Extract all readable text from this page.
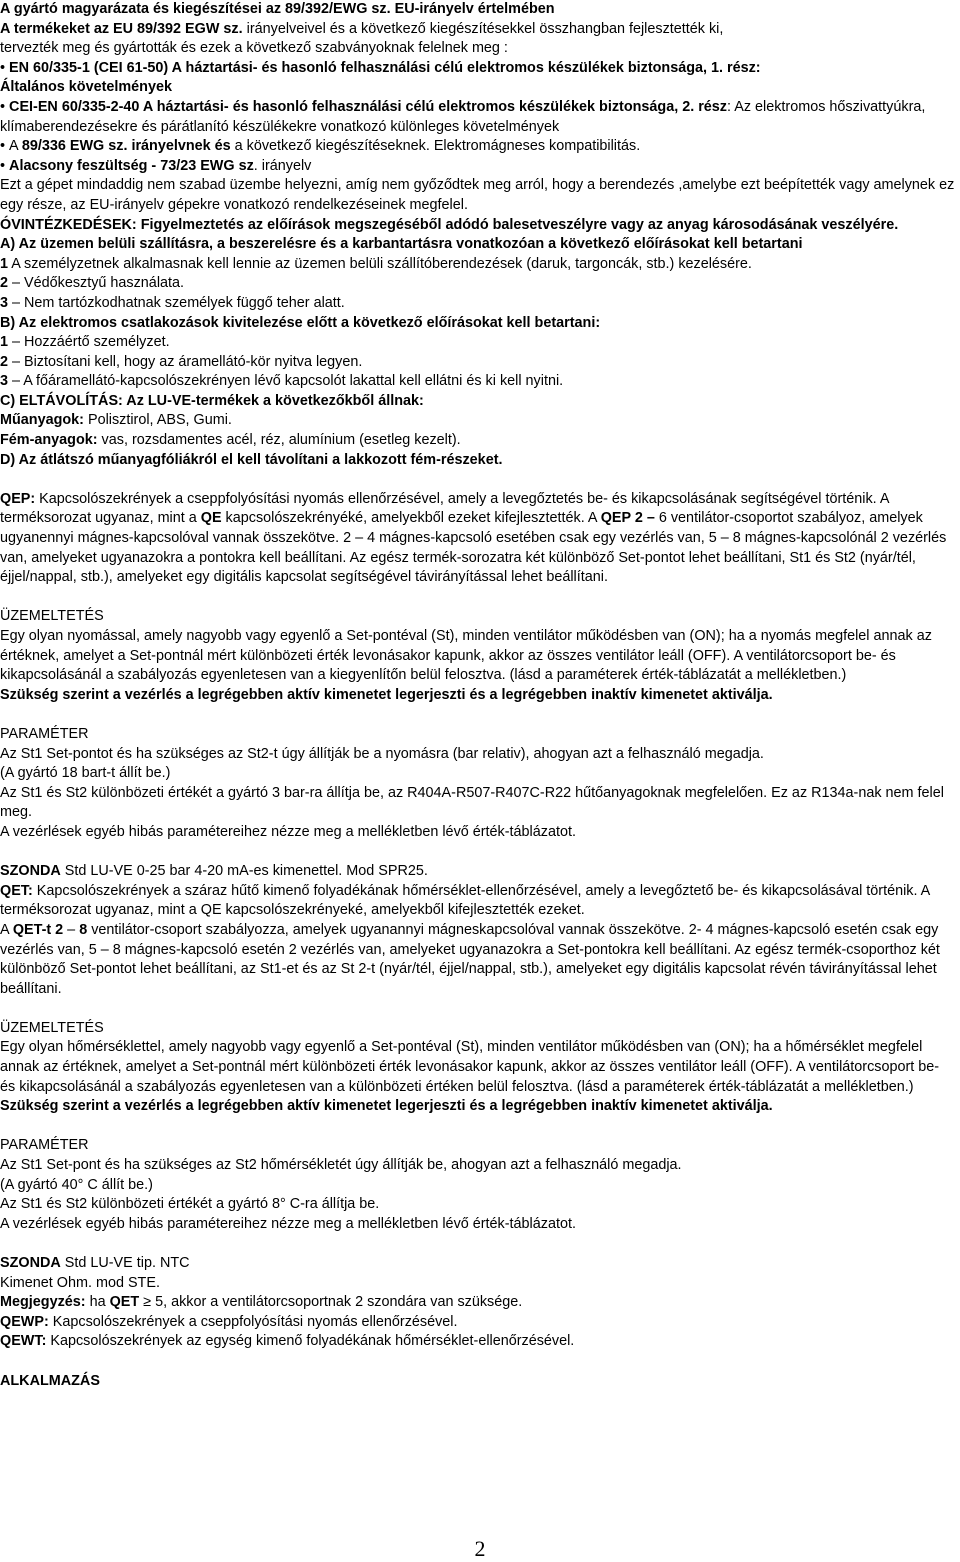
A gyártó magyarázata és kiegészítései az 89/392/EWG sz. EU-irányelv értelmében

A termékeket az EU 89/392 EGW sz. irányelveivel és a következő kiegészítésekkel összhangban fejlesztették ki,

tervezték meg és gyártották és ezek a következő szabványoknak felelnek meg :

• EN 60/335-1 (CEI 61-50) A háztartási- és hasonló felhasználási célú elektromos készülékek biztonsága, 1. rész:

Általános követelmények

• CEI-EN 60/335-2-40 A háztartási- és hasonló felhasználási célú elektromos készülékek biztonsága, 2. rész: Az elektromos hőszivattyúkra, klímaberendezésekre és párátlanító készülékekre vonatkozó különleges követelmények

• A 89/336 EWG sz. irányelvnek és a következő kiegészítéseknek. Elektromágneses kompatibilitás.

• Alacsony feszültség - 73/23 EWG sz. irányelv

Ezt a gépet mindaddig nem szabad üzembe helyezni, amíg nem győződtek meg arról, hogy a berendezés ,amelybe ezt beépítették vagy amelynek ez egy része, az EU-irányelv gépekre vonatkozó rendelkezéseinek megfelel.

ÓVINTÉZKEDÉSEK: Figyelmeztetés az előírások megszegéséből adódó balesetveszélyre vagy az anyag károsodásának veszélyére.

A) Az üzemen belüli szállításra, a beszerelésre és a karbantartásra vonatkozóan a következő előírásokat kell betartani

1 A személyzetnek alkalmasnak kell lennie az üzemen belüli szállítóberendezések (daruk, targoncák, stb.) kezelésére.

2 – Védőkesztyű használata.

3 – Nem tartózkodhatnak személyek függő teher alatt.

B) Az elektromos csatlakozások kivitelezése előtt a következő előírásokat kell betartani:

1 – Hozzáértő személyzet.

2 – Biztosítani kell, hogy az áramellátó-kör nyitva legyen.

3 – A főáramellátó-kapcsolószekrényen lévő kapcsolót lakattal kell ellátni és ki kell nyitni.

C) ELTÁVOLÍTÁS: Az LU-VE-termékek a következőkből állnak:

Műanyagok: Polisztirol, ABS, Gumi.

Fém-anyagok: vas, rozsdamentes acél, réz, alumínium (esetleg kezelt).

D) Az átlátszó műanyagfóliákról el kell távolítani a lakkozott fém-részeket.

QEP: Kapcsolószekrények a cseppfolyósítási nyomás ellenőrzésével, amely a levegőztetés be- és kikapcsolásának segítségével történik. A terméksorozat ugyanaz, mint a QE kapcsolószekrényéké, amelyekből ezeket kifejlesztették. A QEP 2 – 6 ventilátor-csoportot szabályoz, amelyek ugyanennyi mágnes-kapcsolóval vannak összekötve. 2 – 4 mágnes-kapcsoló esetében csak egy vezérlés van, 5 – 8 mágnes-kapcsolónál 2 vezérlés van, amelyeket ugyanazokra a pontokra kell beállítani. Az egész termék-sorozatra két különböző Set-pontot lehet beállítani, St1 és St2 (nyár/tél, éjjel/nappal, stb.), amelyeket egy digitális kapcsolat segítségével távirányítással lehet beállítani.

ÜZEMELTETÉS

Egy olyan nyomással, amely nagyobb vagy egyenlő a Set-pontéval (St), minden ventilátor működésben van (ON); ha a nyomás megfelel annak az értéknek, amelyet a Set-pontnál mért különbözeti érték levonásakor kapunk, akkor az összes ventilátor leáll (OFF). A ventilátorcsoport be- és kikapcsolásánál a szabályozás egyenletesen van a kiegyenlítőn belül felosztva. (lásd a paraméterek érték-táblázatát a mellékletben.)

Szükség szerint a vezérlés a legrégebben aktív kimenetet legerjeszti és a legrégebben inaktív kimenetet aktiválja.

PARAMÉTER

Az St1 Set-pontot és ha szükséges az St2-t úgy állítják be a nyomásra (bar relativ), ahogyan azt a felhasználó megadja.

(A gyártó 18 bart-t állít be.)

Az St1 és St2 különbözeti értékét a gyártó 3 bar-ra állítja be, az R404A-R507-R407C-R22 hűtőanyagoknak megfelelően. Ez az R134a-nak nem felel meg.

A vezérlések egyéb hibás paramétereihez nézze meg a mellékletben lévő érték-táblázatot.

SZONDA Std LU-VE 0-25 bar 4-20 mA-es kimenettel. Mod SPR25.

QET: Kapcsolószekrények a száraz hűtő kimenő folyadékának hőmérséklet-ellenőrzésével, amely a levegőztető be- és kikapcsolásával történik. A terméksorozat ugyanaz, mint a QE kapcsolószekrényeké, amelyekből kifejlesztették ezeket.

A QET-t 2 – 8 ventilátor-csoport szabályozza, amelyek ugyanannyi mágneskapcsolóval vannak összekötve. 2- 4 mágnes-kapcsoló esetén csak egy vezérlés van, 5 – 8 mágnes-kapcsoló esetén 2 vezérlés van, amelyeket ugyanazokra a Set-pontokra kell beállítani. Az egész termék-csoporthoz két különböző Set-pontot lehet beállítani, az St1-et és az St 2-t (nyár/tél, éjjel/nappal, stb.), amelyeket egy digitális kapcsolat révén távirányítással lehet beállítani.

ÜZEMELTETÉS

Egy olyan hőmérséklettel, amely nagyobb vagy egyenlő a Set-pontéval (St), minden ventilátor működésben van (ON); ha a hőmérséklet megfelel annak az értéknek, amelyet a Set-pontnál mért különbözeti érték levonásakor kapunk, akkor az összes ventilátor leáll (OFF). A ventilátorcsoport be- és kikapcsolásánál a szabályozás egyenletesen van a különbözeti értéken belül felosztva. (lásd a paraméterek érték-táblázatát a mellékletben.)

Szükség szerint a vezérlés a legrégebben aktív kimenetet legerjeszti és a legrégebben inaktív kimenetet aktiválja.

PARAMÉTER

Az St1 Set-pont és ha szükséges az St2 hőmérsékletét úgy állítják be, ahogyan azt a felhasználó megadja.

(A gyártó 40° C állít be.)

Az St1 és St2 különbözeti értékét a gyártó 8° C-ra állítja be.

A vezérlések egyéb hibás paramétereihez nézze meg a mellékletben lévő érték-táblázatot.

SZONDA Std LU-VE tip. NTC

Kimenet Ohm. mod STE.

Megjegyzés: ha QET ≥ 5, akkor a ventilátorcsoportnak 2 szondára van szüksége.

QEWP: Kapcsolószekrények a cseppfolyósítási nyomás ellenőrzésével.

QEWT: Kapcsolószekrények az egység kimenő folyadékának hőmérséklet-ellenőrzésével.

ALKALMAZÁS

2
